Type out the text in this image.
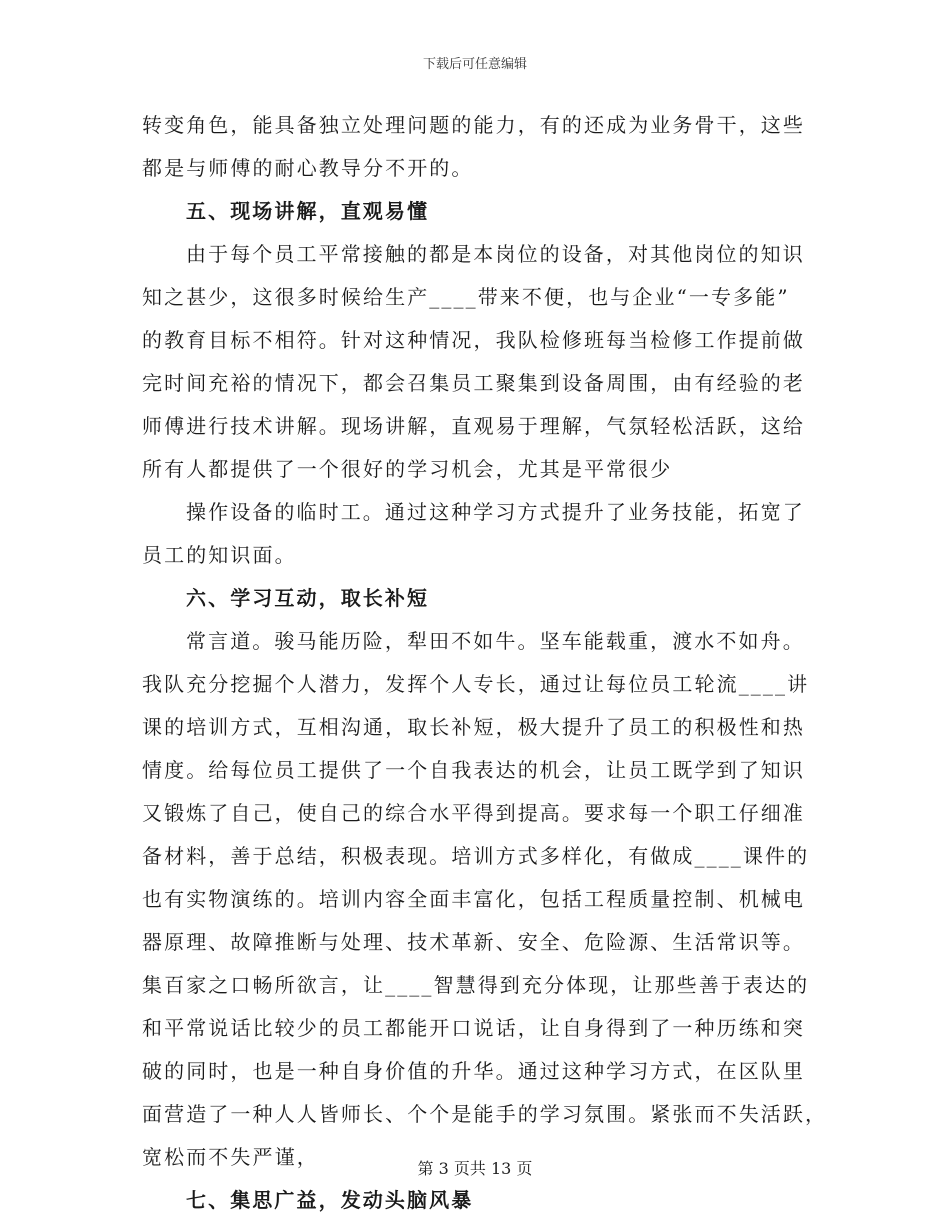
下载后可任意编辑
转变角色，能具备独立处理问题的能力，有的还成为业务骨干，这些
都是与师傅的耐心教导分不开的。
五、现场讲解，直观易懂
由于每个员工平常接触的都是本岗位的设备，对其他岗位的知识
知之甚少，这很多时候给生产____带来不便，也与企业“一专多能”
的教育目标不相符。针对这种情况，我队检修班每当检修工作提前做
完时间充裕的情况下，都会召集员工聚集到设备周围，由有经验的老
师傅进行技术讲解。现场讲解，直观易于理解，气氛轻松活跃，这给
所有人都提供了一个很好的学习机会，尤其是平常很少
操作设备的临时工。通过这种学习方式提升了业务技能，拓宽了
员工的知识面。
六、学习互动，取长补短
常言道。骏马能历险，犁田不如牛。坚车能载重，渡水不如舟。
我队充分挖掘个人潜力，发挥个人专长，通过让每位员工轮流____讲
课的培训方式，互相沟通，取长补短，极大提升了员工的积极性和热
情度。给每位员工提供了一个自我表达的机会，让员工既学到了知识
又锻炼了自己，使自己的综合水平得到提高。要求每一个职工仔细准
备材料，善于总结，积极表现。培训方式多样化，有做成____课件的
也有实物演练的。培训内容全面丰富化，包括工程质量控制、机械电
器原理、故障推断与处理、技术革新、安全、危险源、生活常识等。
集百家之口畅所欲言，让____智慧得到充分体现，让那些善于表达的
和平常说话比较少的员工都能开口说话，让自身得到了一种历练和突
破的同时，也是一种自身价值的升华。通过这种学习方式，在区队里
面营造了一种人人皆师长、个个是能手的学习氛围。紧张而不失活跃，
宽松而不失严谨，
七、集思广益，发动头脑风暴
第 3 页共 13 页
